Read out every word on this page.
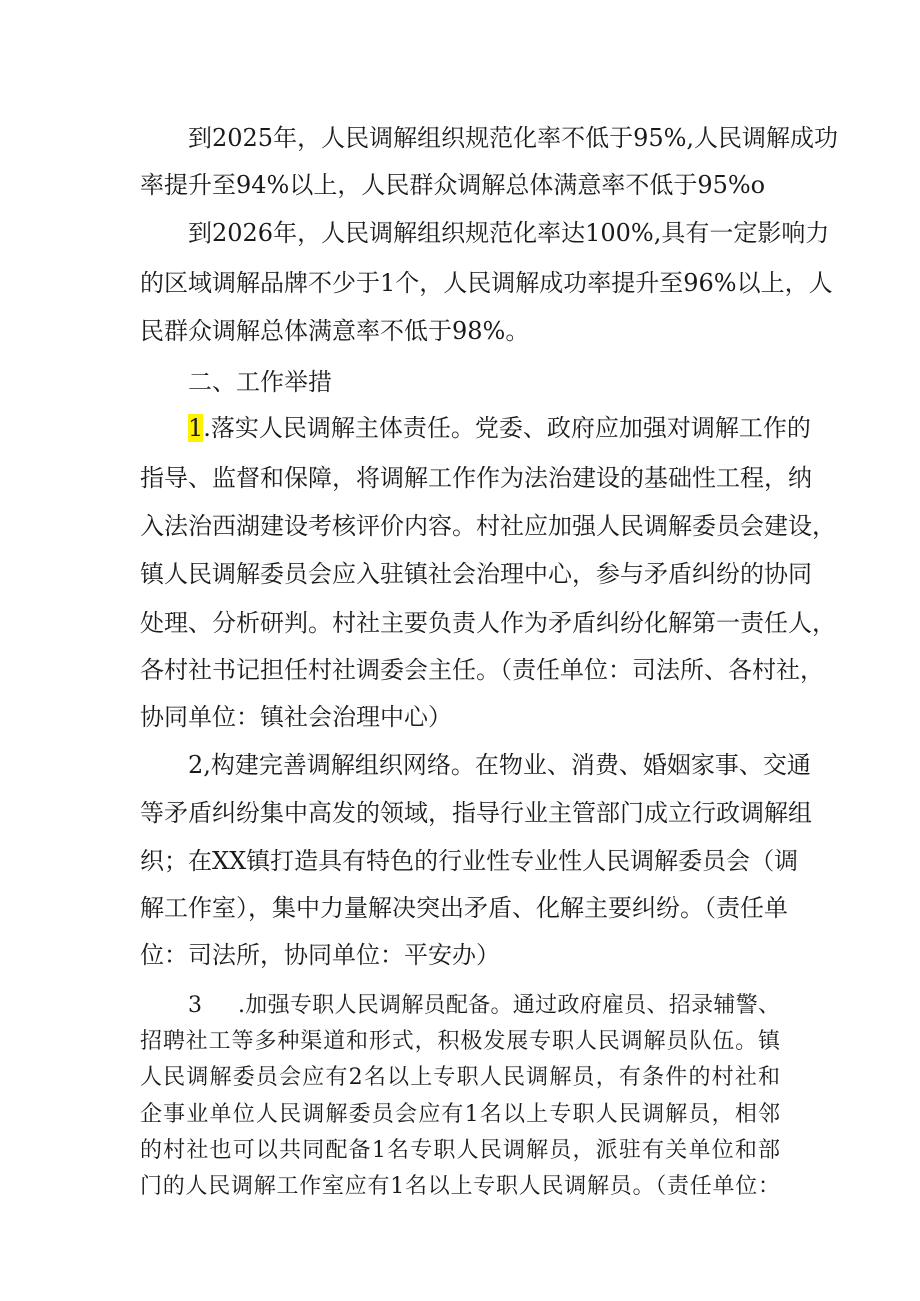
到2025年，人民调解组织规范化率不低于95%,人民调解成功
率提升至94%以上，人民群众调解总体满意率不低于95%o
到2026年，人民调解组织规范化率达100%,具有一定影响力
的区域调解品牌不少于1个，人民调解成功率提升至96%以上，人
民群众调解总体满意率不低于98%。
二、工作举措
1.落实人民调解主体责任。党委、政府应加强对调解工作的
指导、监督和保障，将调解工作作为法治建设的基础性工程，纳
入法治西湖建设考核评价内容。村社应加强人民调解委员会建设，
镇人民调解委员会应入驻镇社会治理中心，参与矛盾纠纷的协同
处理、分析研判。村社主要负责人作为矛盾纠纷化解第一责任人，
各村社书记担任村社调委会主任。（责任单位：司法所、各村社，
协同单位：镇社会治理中心）
2,构建完善调解组织网络。在物业、消费、婚姻家事、交通
等矛盾纠纷集中高发的领域，指导行业主管部门成立行政调解组
织；在XX镇打造具有特色的行业性专业性人民调解委员会（调
解工作室），集中力量解决突出矛盾、化解主要纠纷。（责任单
位：司法所，协同单位：平安办）
3 .加强专职人民调解员配备。通过政府雇员、招录辅警、
招聘社工等多种渠道和形式，积极发展专职人民调解员队伍。镇
人民调解委员会应有2名以上专职人民调解员，有条件的村社和
企事业单位人民调解委员会应有1名以上专职人民调解员，相邻
的村社也可以共同配备1名专职人民调解员，派驻有关单位和部
门的人民调解工作室应有1名以上专职人民调解员。（责任单位：
